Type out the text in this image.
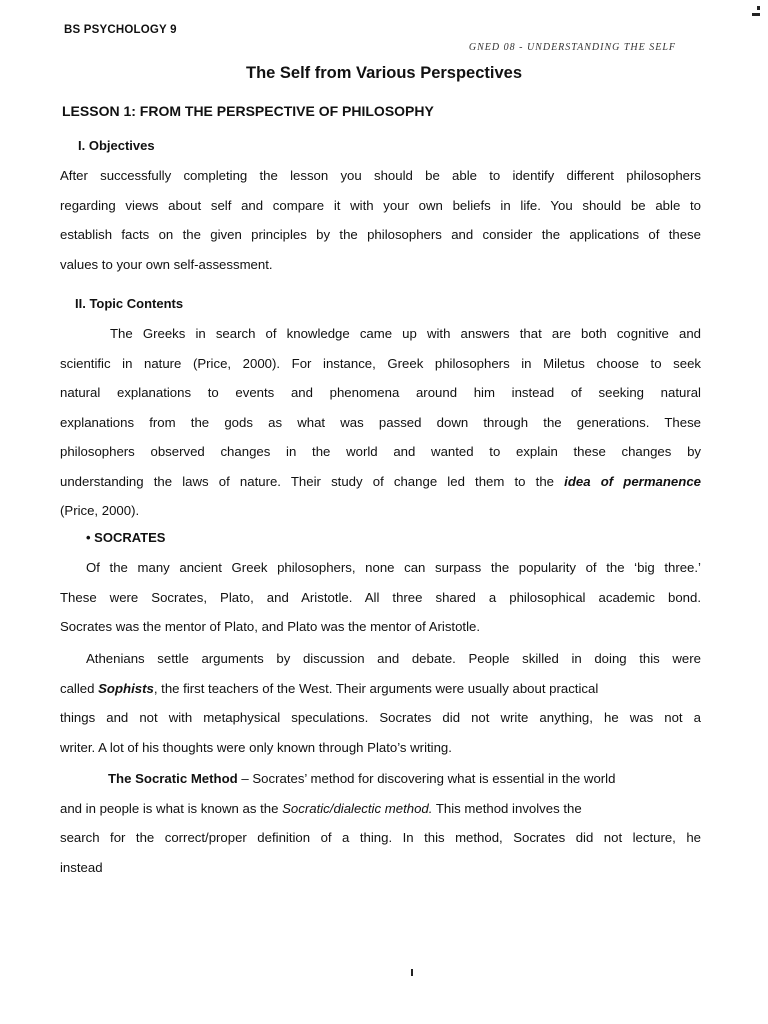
BS PSYCHOLOGY 9
GNED 08 - UNDERSTANDING THE SELF
The Self from Various Perspectives
LESSON 1: FROM THE PERSPECTIVE OF PHILOSOPHY
I. Objectives
After successfully completing the lesson you should be able to identify different philosophers
regarding views about self and compare it with your own beliefs in life. You should be able to
establish facts on the given principles by the philosophers and consider the applications of these
values to your own self-assessment.
II. Topic Contents
The Greeks in search of knowledge came up with answers that are both cognitive and
scientific in nature (Price, 2000). For instance, Greek philosophers in Miletus choose to seek
natural explanations to events and phenomena around him instead of seeking natural
explanations from the gods as what was passed down through the generations. These
philosophers observed changes in the world and wanted to explain these changes by
understanding the laws of nature. Their study of change led them to the idea of permanence
(Price, 2000).
• SOCRATES
Of the many ancient Greek philosophers, none can surpass the popularity of the ‘big three.’
These were Socrates, Plato, and Aristotle. All three shared a philosophical academic bond.
Socrates was the mentor of Plato, and Plato was the mentor of Aristotle.
Athenians settle arguments by discussion and debate. People skilled in doing this were
called Sophists, the first teachers of the West. Their arguments were usually about practical
things and not with metaphysical speculations. Socrates did not write anything, he was not a
writer. A lot of his thoughts were only known through Plato’s writing.
The Socratic Method – Socrates’ method for discovering what is essential in the world
and in people is what is known as the Socratic/dialectic method. This method involves the
search for the correct/proper definition of a thing. In this method, Socrates did not lecture, he
instead
